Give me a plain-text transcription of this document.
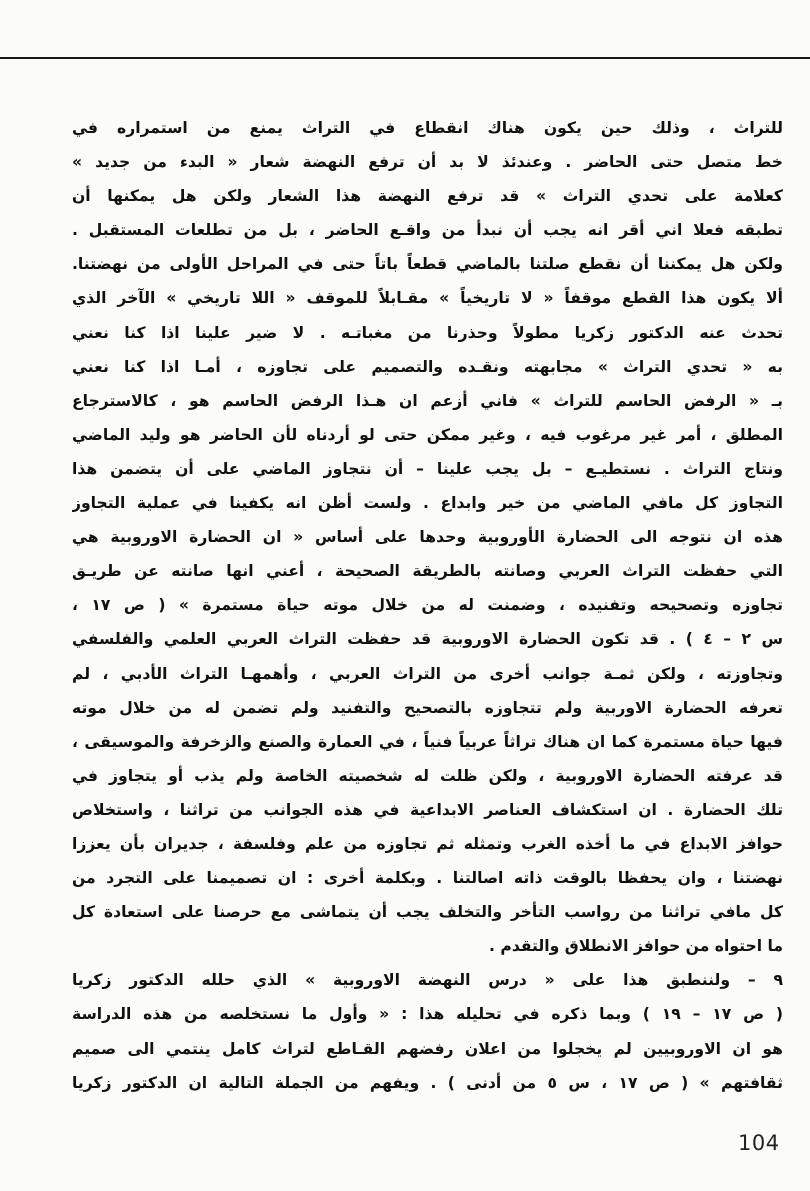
للتراث ، وذلك حين يكون هناك انقطاع في التراث يمنع من استمراره في
خط متصل حتى الحاضر . وعندئذ لا بد أن ترفع النهضة شعار « البدء من جديد »
كعلامة على تحدي التراث » قد ترفع النهضة هذا الشعار ولكن هل يمكنها أن
تطبقه فعلا اني أقر انه يجب أن نبدأ من واقـع الحاضر ، بل من تطلعات المستقبل .
ولكن هل يمكننا أن نقطع صلتنا بالماضي قطعاً باتاً حتى في المراحل الأولى من نهضتنا.
ألا يكون هذا القطع موقفاً « لا تاريخياً » مقـابلاً للموقف « اللا تاريخي » الآخر الذي
تحدث عنه الدكتور زكريا مطولاً وحذرنا من مغباتـه . لا ضير علينا اذا كنا نعني
به « تحدي التراث » مجابهته ونقـده والتصميم على تجاوزه ، أمـا اذا كنا نعني
بـ « الرفض الحاسم للتراث » فاني أزعم ان هـذا الرفض الحاسم هو ، كالاسترجاع
المطلق ، أمر غير مرغوب فيه ، وغير ممكن حتى لو أردناه لأن الحاضر هو وليد الماضي
ونتاج التراث . نستطيـع – بل يجب علينا – أن نتجاوز الماضي على أن يتضمن هذا
التجاوز كل مافي الماضي من خير وابداع . ولست أظن انه يكفينا في عملية التجاوز
هذه ان نتوجه الى الحضارة الأوروبية وحدها على أساس « ان الحضارة الاوروبية هي
التي حفظت التراث العربي وصانته بالطريقة الصحيحة ، أعني انها صانته عن طريـق
تجاوزه وتصحيحه وتفنيده ، وضمنت له من خلال موته حياة مستمرة » ( ص ١٧ ،
س ٢ – ٤ ) . قد تكون الحضارة الاوروبية قد حفظت التراث العربي العلمي والفلسفي
وتجاوزته ، ولكن ثمـة جوانب أخرى من التراث العربي ، وأهمهـا التراث الأدبي ، لم
تعرفه الحضارة الاوربية ولم تتجاوزه بالتصحيح والتفنيد ولم تضمن له من خلال موته
فيها حياة مستمرة كما ان هناك تراثاً عربياً فنياً ، في العمارة والصنع والزخرفة والموسيقى ،
قد عرفته الحضارة الاوروبية ، ولكن ظلت له شخصيته الخاصة ولم يذب أو يتجاوز في
تلك الحضارة . ان استكشاف العناصر الابداعية في هذه الجوانب من تراثنا ، واستخلاص
حوافز الابداع في ما أخذه الغرب وتمثله ثم تجاوزه من علم وفلسفة ، جديران بأن يعززا
نهضتنا ، وان يحفظا بالوقت ذاته اصالتنا . وبكلمة أخرى : ان تصميمنا على التجرد من
كل مافي تراثنا من رواسب التأخر والتخلف يجب أن يتماشى مع حرصنا على استعادة كل
ما احتواه من حوافز الانطلاق والتقدم .
٩ – ولننطبق هذا على « درس النهضة الاوروبية » الذي حلله الدكتور زكريا
( ص ١٧ – ١٩ ) وبما ذكره في تحليله هذا : « وأول ما نستخلصه من هذه الدراسة
هو ان الاوروبيين لم يخجلوا من اعلان رفضهم القـاطع لتراث كامل ينتمي الى صميم
ثقافتهم » ( ص ١٧ ، س ٥ من أدنى ) . ويفهم من الجملة التالية ان الدكتور زكريا
104
